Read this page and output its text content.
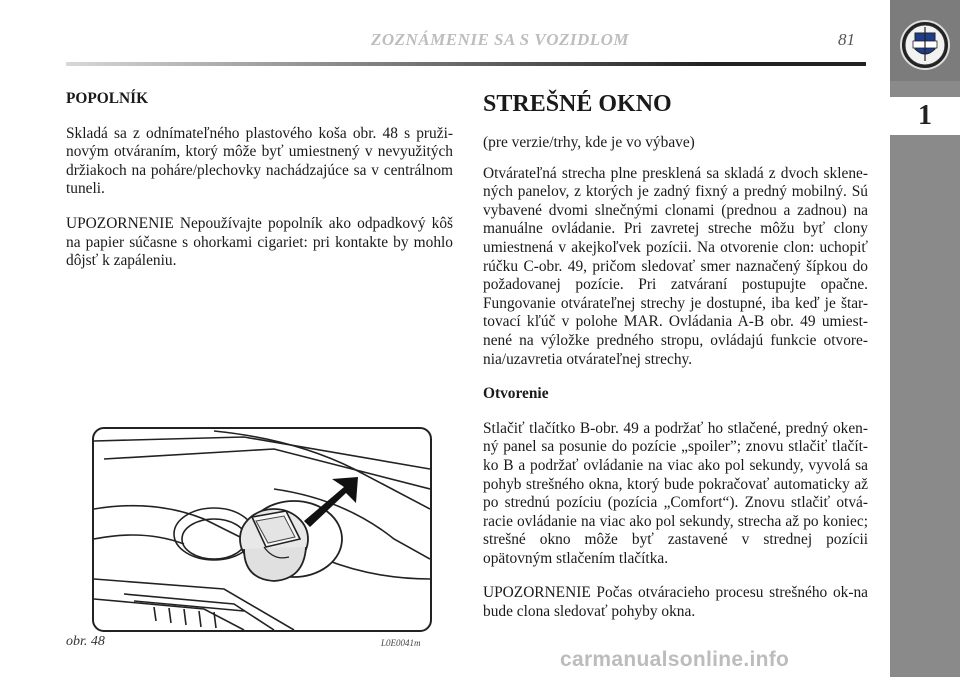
ZOZNÁMENIE SA S VOZIDLOM	81
1

POPOLNÍK

Skladá sa z odnímateľného plastového koša obr. 48 s pruži-novým otváraním, ktorý môže byť umiestnený v nevyužitých držiakoch na poháre/plechovky nachádzajúce sa v centrálnom tuneli.

UPOZORNENIE Nepoužívajte popolník ako odpadkový kôš na papier súčasne s ohorkami cigariet: pri kontakte by mohlo dôjsť k zapáleniu.

obr. 48	L0E0041m

STREŠNÉ OKNO

(pre verzie/trhy, kde je vo výbave)

Otvárateľná strecha plne presklená sa skladá z dvoch sklene-ných panelov, z ktorých je zadný fixný a predný mobilný. Sú vybavené dvomi slnečnými clonami (prednou a zadnou) na manuálne ovládanie. Pri zavretej streche môžu byť clony umiestnená v akejkoľvek pozícii. Na otvorenie clon: uchopiť rúčku C-obr. 49, pričom sledovať smer naznačený šípkou do požadovanej pozície. Pri zatváraní postupujte opačne. Fungovanie otvárateľnej strechy je dostupné, iba keď je štar-tovací kľúč v polohe MAR. Ovládania A-B obr. 49 umiest-nené na výložke predného stropu, ovládajú funkcie otvore-nia/uzavretia otvárateľnej strechy.

Otvorenie

Stlačiť tlačítko B-obr. 49 a podržať ho stlačené, predný oken-ný panel sa posunie do pozície „spoiler”; znovu stlačiť tlačít-ko B a podržať ovládanie na viac ako pol sekundy, vyvolá sa pohyb strešného okna, ktorý bude pokračovať automaticky až po strednú pozíciu (pozícia „Comfort“). Znovu stlačiť otvá-racie ovládanie na viac ako pol sekundy, strecha až po koniec; strešné okno môže byť zastavené v strednej pozícii opätovným stlačením tlačítka.

UPOZORNENIE Počas otváracieho procesu strešného ok-na bude clona sledovať pohyby okna.

carmanualsonline.info
